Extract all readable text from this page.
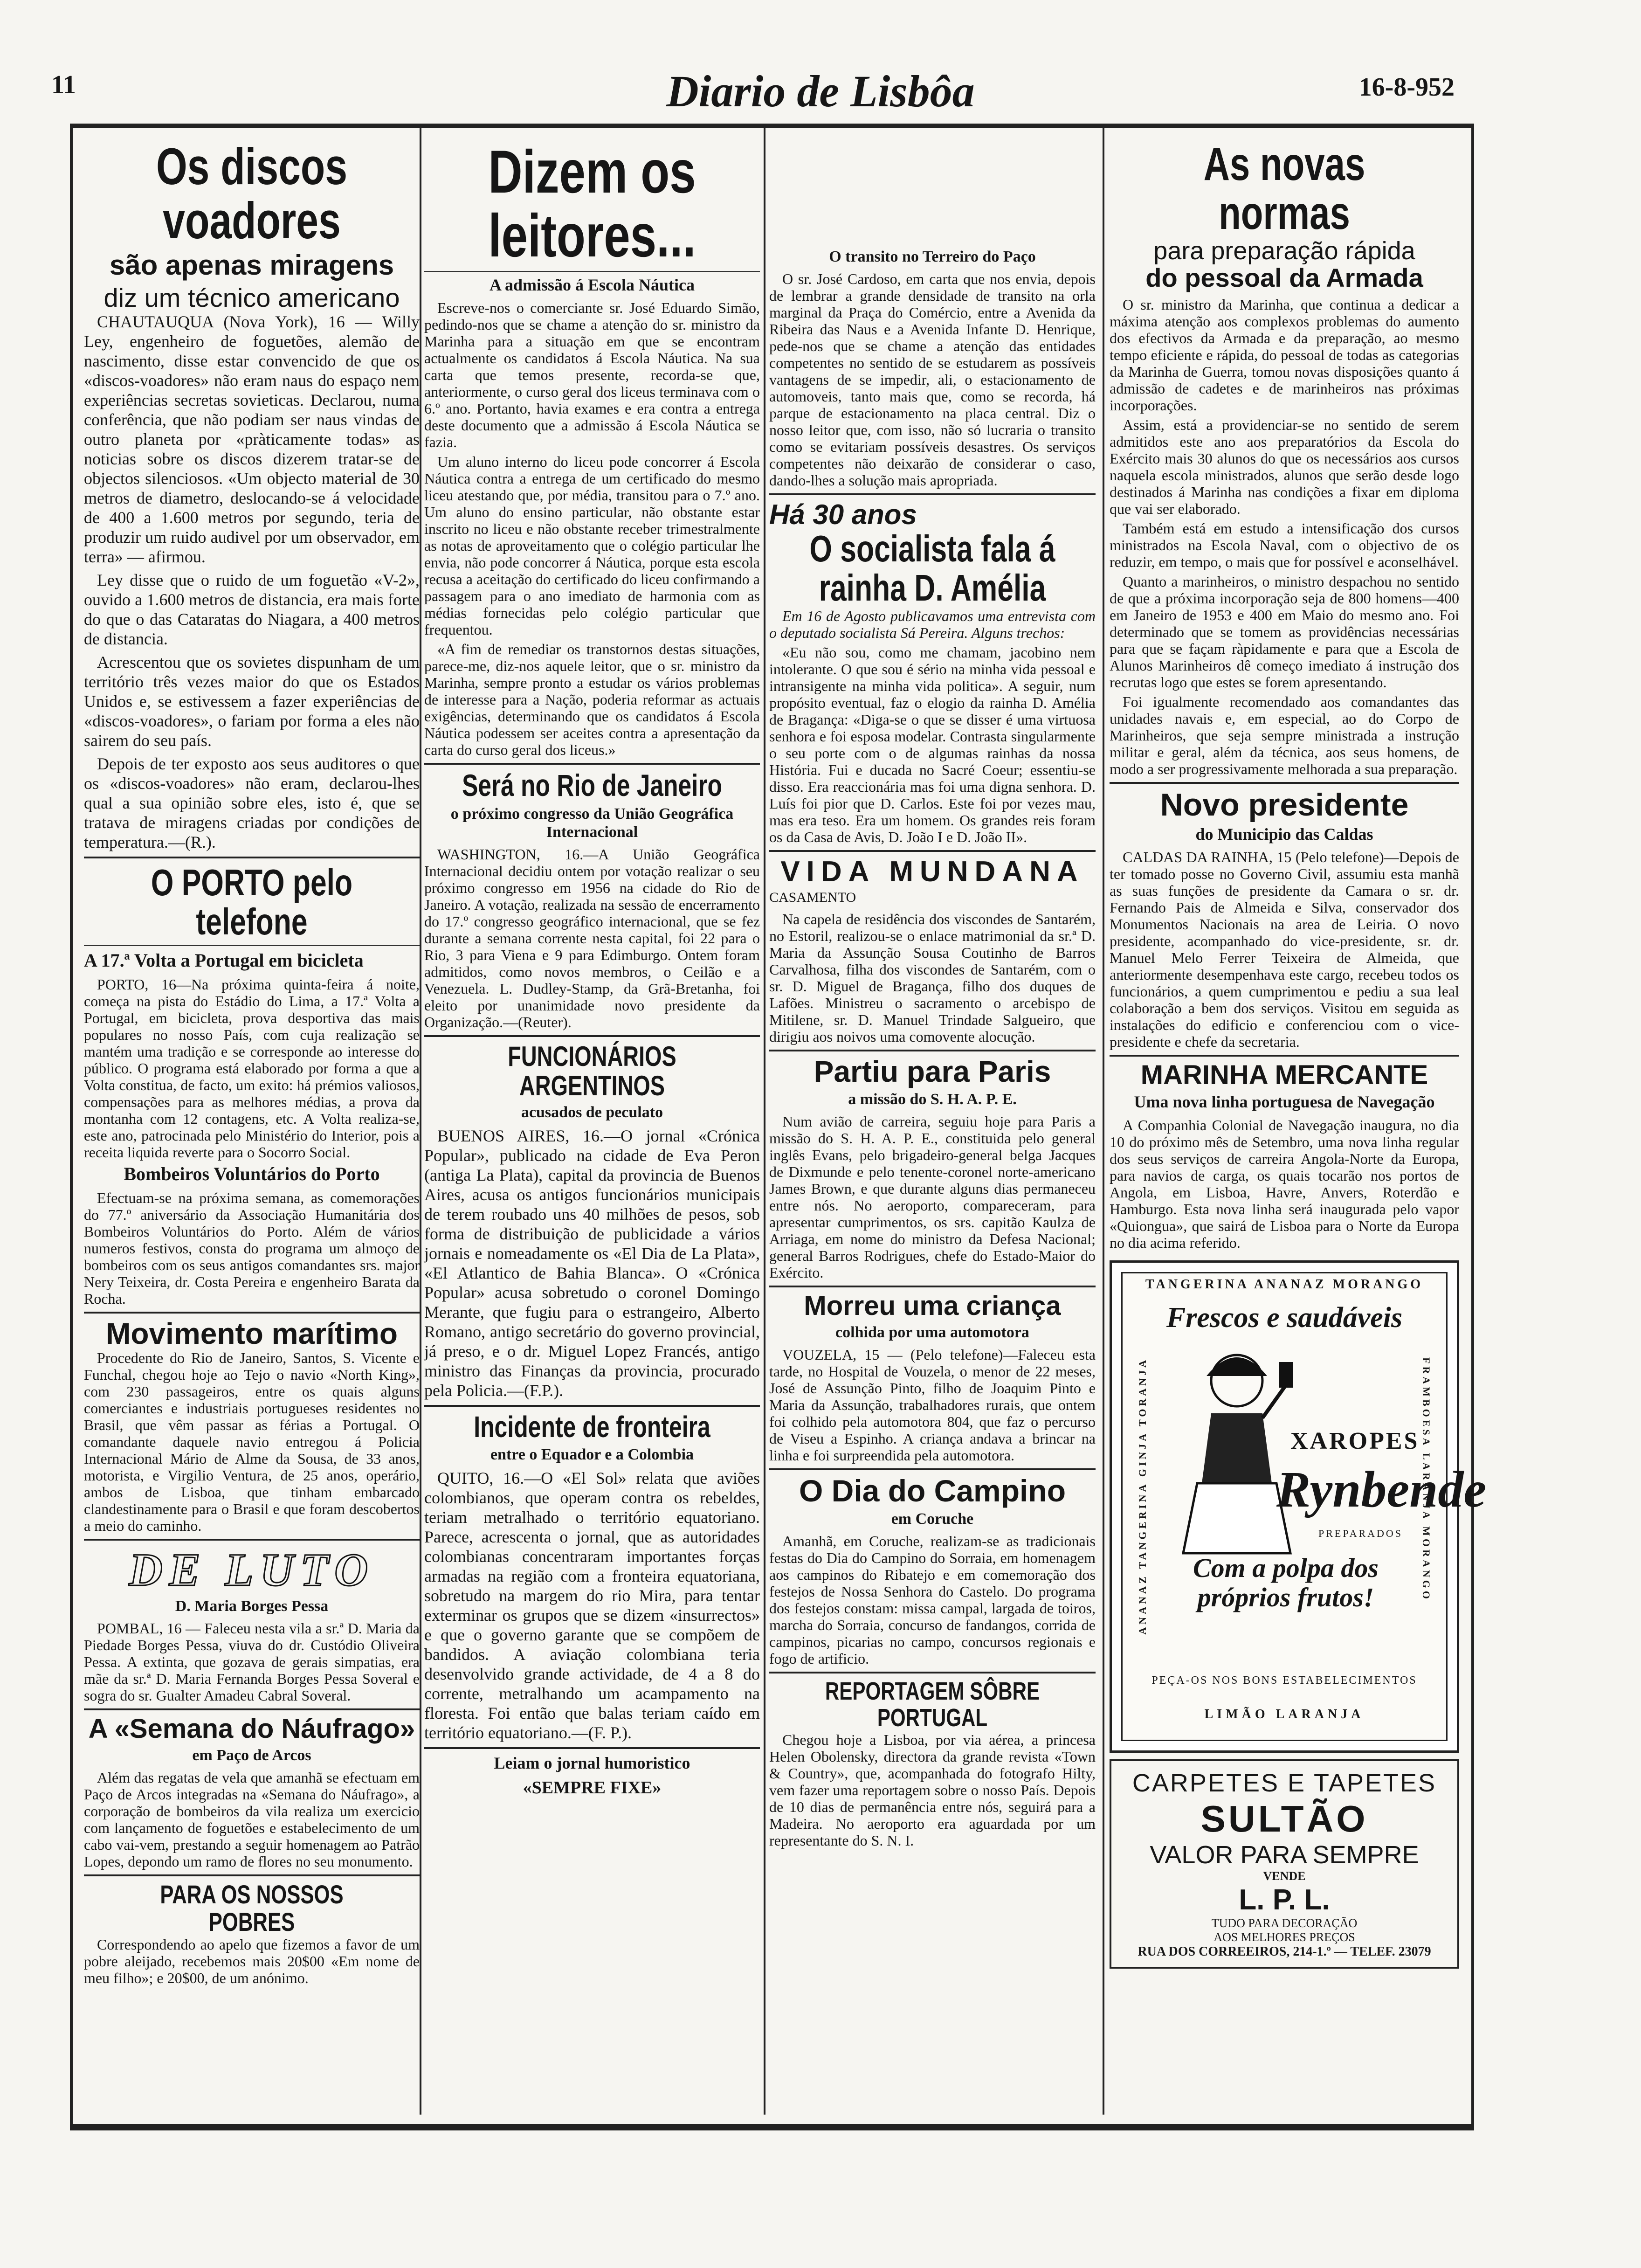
11	Diario de Lisbôa	16-8-952
Os discos voadores
são apenas miragens
diz um técnico americano

CHAUTAUQUA (Nova York), 16 — Willy Ley, engenheiro de foguetões, alemão de nascimento, disse estar convencido de que os «discos-voadores» não eram naus do espaço nem experiências secretas sovieticas. Declarou, numa conferência, que não podiam ser naus vindas de outro planeta por «pràticamente todas» as noticias sobre os discos dizerem tratar-se de objectos silenciosos. «Um objecto material de 30 metros de diametro, deslocando-se á velocidade de 400 a 1.600 metros por segundo, teria de produzir um ruido audivel por um observador, em terra» — afirmou.

Ley disse que o ruido de um foguetão «V-2», ouvido a 1.600 metros de distancia, era mais forte do que o das Cataratas do Niagara, a 400 metros de distancia.

Acrescentou que os sovietes dispunham de um território três vezes maior do que os Estados Unidos e, se estivessem a fazer experiências de «discos-voadores», o fariam por forma a eles não sairem do seu país.

Depois de ter exposto aos seus auditores o que os «discos-voadores» não eram, declarou-lhes qual a sua opinião sobre eles, isto é, que se tratava de miragens criadas por condições de temperatura.—(R.).

O PORTO pelo telefone
A 17.ª Volta a Portugal em bicicleta

PORTO, 16—Na próxima quinta-feira á noite, começa na pista do Estádio do Lima, a 17.ª Volta a Portugal, em bicicleta, prova desportiva das mais populares no nosso País, com cuja realização se mantém uma tradição e se corresponde ao interesse do público. O programa está elaborado por forma a que a Volta constitua, de facto, um exito: há prémios valiosos, compensações para as melhores médias, a prova da montanha com 12 contagens, etc. A Volta realiza-se, este ano, patrocinada pelo Ministério do Interior, pois a receita liquida reverte para o Socorro Social.

Bombeiros Voluntários do Porto

Efectuam-se na próxima semana, as comemorações do 77.º aniversário da Associação Humanitária dos Bombeiros Voluntários do Porto. Além de vários numeros festivos, consta do programa um almoço de bombeiros com os seus antigos comandantes srs. major Nery Teixeira, dr. Costa Pereira e engenheiro Barata da Rocha.

Movimento marítimo

Procedente do Rio de Janeiro, Santos, S. Vicente e Funchal, chegou hoje ao Tejo o navio «North King», com 230 passageiros, entre os quais alguns comerciantes e industriais portugueses residentes no Brasil, que vêm passar as férias a Portugal. O comandante daquele navio entregou á Policia Internacional Mário de Alme da Sousa, de 33 anos, motorista, e Virgilio Ventura, de 25 anos, operário, ambos de Lisboa, que tinham embarcado clandestinamente para o Brasil e que foram descobertos a meio do caminho.

DE LUTO
D. Maria Borges Pessa

POMBAL, 16 — Faleceu nesta vila a sr.ª D. Maria da Piedade Borges Pessa, viuva do dr. Custódio Oliveira Pessa. A extinta, que gozava de gerais simpatias, era mãe da sr.ª D. Maria Fernanda Borges Pessa Soveral e sogra do sr. Gualter Amadeu Cabral Soveral.

A «Semana do Náufrago»
em Paço de Arcos

Além das regatas de vela que amanhã se efectuam em Paço de Arcos integradas na «Semana do Náufrago», a corporação de bombeiros da vila realiza um exercicio com lançamento de foguetões e estabelecimento de um cabo vai-vem, prestando a seguir homenagem ao Patrão Lopes, depondo um ramo de flores no seu monumento.

PARA OS NOSSOS POBRES

Correspondendo ao apelo que fizemos a favor de um pobre aleijado, recebemos mais 20$00 «Em nome de meu filho»; e 20$00, de um anónimo.

Dizem os leitores...
A admissão á Escola Náutica

Escreve-nos o comerciante sr. José Eduardo Simão, pedindo-nos que se chame a atenção do sr. ministro da Marinha para a situação em que se encontram actualmente os candidatos á Escola Náutica. Na sua carta que temos presente, recorda-se que, anteriormente, o curso geral dos liceus terminava com o 6.º ano. Portanto, havia exames e era contra a entrega deste documento que a admissão á Escola Náutica se fazia.

Um aluno interno do liceu pode concorrer á Escola Náutica contra a entrega de um certificado do mesmo liceu atestando que, por média, transitou para o 7.º ano. Um aluno do ensino particular, não obstante estar inscrito no liceu e não obstante receber trimestralmente as notas de aproveitamento que o colégio particular lhe envia, não pode concorrer á Náutica, porque esta escola recusa a aceitação do certificado do liceu confirmando a passagem para o ano imediato de harmonia com as médias fornecidas pelo colégio particular que frequentou.

«A fim de remediar os transtornos destas situações, parece-me, diz-nos aquele leitor, que o sr. ministro da Marinha, sempre pronto a estudar os vários problemas de interesse para a Nação, poderia reformar as actuais exigências, determinando que os candidatos á Escola Náutica podessem ser aceites contra a apresentação da carta do curso geral dos liceus.»

Será no Rio de Janeiro
o próximo congresso da União Geográfica Internacional

WASHINGTON, 16.—A União Geográfica Internacional decidiu ontem por votação realizar o seu próximo congresso em 1956 na cidade do Rio de Janeiro. A votação, realizada na sessão de encerramento do 17.º congresso geográfico internacional, que se fez durante a semana corrente nesta capital, foi 22 para o Rio, 3 para Viena e 9 para Edimburgo. Ontem foram admitidos, como novos membros, o Ceilão e a Venezuela. L. Dudley-Stamp, da Grã-Bretanha, foi eleito por unanimidade novo presidente da Organização.—(Reuter).

FUNCIONÁRIOS ARGENTINOS
acusados de peculato

BUENOS AIRES, 16.—O jornal «Crónica Popular», publicado na cidade de Eva Peron (antiga La Plata), capital da provincia de Buenos Aires, acusa os antigos funcionários municipais de terem roubado uns 40 milhões de pesos, sob forma de distribuição de publicidade a vários jornais e nomeadamente os «El Dia de La Plata», «El Atlantico de Bahia Blanca». O «Crónica Popular» acusa sobretudo o coronel Domingo Merante, que fugiu para o estrangeiro, Alberto Romano, antigo secretário do governo provincial, já preso, e o dr. Miguel Lopez Francés, antigo ministro das Finanças da provincia, procurado pela Policia.—(F.P.).

Incidente de fronteira
entre o Equador e a Colombia

QUITO, 16.—O «El Sol» relata que aviões colombianos, que operam contra os rebeldes, teriam metralhado o território equatoriano. Parece, acrescenta o jornal, que as autoridades colombianas concentraram importantes forças armadas na região com a fronteira equatoriana, sobretudo na margem do rio Mira, para tentar exterminar os grupos que se dizem «insurrectos» e que o governo garante que se compõem de bandidos. A aviação colombiana teria desenvolvido grande actividade, de 4 a 8 do corrente, metralhando um acampamento na floresta. Foi então que balas teriam caído em território equatoriano.—(F. P.).

Leiam o jornal humoristico
«SEMPRE FIXE»
O transito no Terreiro do Paço

O sr. José Cardoso, em carta que nos envia, depois de lembrar a grande densidade de transito na orla marginal da Praça do Comércio, entre a Avenida da Ribeira das Naus e a Avenida Infante D. Henrique, pede-nos que se chame a atenção das entidades competentes no sentido de se estudarem as possíveis vantagens de se impedir, ali, o estacionamento de automoveis, tanto mais que, como se recorda, há parque de estacionamento na placa central. Diz o nosso leitor que, com isso, não só lucraria o transito como se evitariam possíveis desastres. Os serviços competentes não deixarão de considerar o caso, dando-lhes a solução mais apropriada.

Há 30 anos
O socialista fala á rainha D. Amélia

Em 16 de Agosto publicavamos uma entrevista com o deputado socialista Sá Pereira. Alguns trechos:

«Eu não sou, como me chamam, jacobino nem intolerante. O que sou é sério na minha vida pessoal e intransigente na minha vida politica». A seguir, num propósito eventual, faz o elogio da rainha D. Amélia de Bragança: «Diga-se o que se disser é uma virtuosa senhora e foi esposa modelar. Contrasta singularmente o seu porte com o de algumas rainhas da nossa História. Fui e ducada no Sacré Coeur; essentiu-se disso. Era reaccionária mas foi uma digna senhora. D. Luís foi pior que D. Carlos. Este foi por vezes mau, mas era teso. Era um homem. Os grandes reis foram os da Casa de Avis, D. João I e D. João II».

VIDA MUNDANA
CASAMENTO

Na capela de residência dos viscondes de Santarém, no Estoril, realizou-se o enlace matrimonial da sr.ª D. Maria da Assunção Sousa Coutinho de Barros Carvalhosa, filha dos viscondes de Santarém, com o sr. D. Miguel de Bragança, filho dos duques de Lafões. Ministreu o sacramento o arcebispo de Mitilene, sr. D. Manuel Trindade Salgueiro, que dirigiu aos noivos uma comovente alocução.

Partiu para Paris
a missão do S. H. A. P. E.

Num avião de carreira, seguiu hoje para Paris a missão do S. H. A. P. E., constituida pelo general inglês Evans, pelo brigadeiro-general belga Jacques de Dixmunde e pelo tenente-coronel norte-americano James Brown, e que durante alguns dias permaneceu entre nós. No aeroporto, compareceram, para apresentar cumprimentos, os srs. capitão Kaulza de Arriaga, em nome do ministro da Defesa Nacional; general Barros Rodrigues, chefe do Estado-Maior do Exército.

Morreu uma criança
colhida por uma automotora

VOUZELA, 15 — (Pelo telefone)—Faleceu esta tarde, no Hospital de Vouzela, o menor de 22 meses, José de Assunção Pinto, filho de Joaquim Pinto e Maria da Assunção, trabalhadores rurais, que ontem foi colhido pela automotora 804, que faz o percurso de Viseu a Espinho. A criança andava a brincar na linha e foi surpreendida pela automotora.

O Dia do Campino
em Coruche

Amanhã, em Coruche, realizam-se as tradicionais festas do Dia do Campino do Sorraia, em homenagem aos campinos do Ribatejo e em comemoração dos festejos de Nossa Senhora do Castelo. Do programa dos festejos constam: missa campal, largada de toiros, marcha do Sorraia, concurso de fandangos, corrida de campinos, picarias no campo, concursos regionais e fogo de artificio.

REPORTAGEM SÔBRE PORTUGAL

Chegou hoje a Lisboa, por via aérea, a princesa Helen Obolensky, directora da grande revista «Town & Country», que, acompanhada do fotografo Hilty, vem fazer uma reportagem sobre o nosso País. Depois de 10 dias de permanência entre nós, seguirá para a Madeira. No aeroporto era aguardada por um representante do S. N. I.

As novas normas
para preparação rápida
do pessoal da Armada

O sr. ministro da Marinha, que continua a dedicar a máxima atenção aos complexos problemas do aumento dos efectivos da Armada e da preparação, ao mesmo tempo eficiente e rápida, do pessoal de todas as categorias da Marinha de Guerra, tomou novas disposições quanto á admissão de cadetes e de marinheiros nas próximas incorporações.

Assim, está a providenciar-se no sentido de serem admitidos este ano aos preparatórios da Escola do Exército mais 30 alunos do que os necessários aos cursos naquela escola ministrados, alunos que serão desde logo destinados á Marinha nas condições a fixar em diploma que vai ser elaborado.

Também está em estudo a intensificação dos cursos ministrados na Escola Naval, com o objectivo de os reduzir, em tempo, o mais que for possível e aconselhável.

Quanto a marinheiros, o ministro despachou no sentido de que a próxima incorporação seja de 800 homens—400 em Janeiro de 1953 e 400 em Maio do mesmo ano. Foi determinado que se tomem as providências necessárias para que se façam ràpidamente e para que a Escola de Alunos Marinheiros dê começo imediato á instrução dos recrutas logo que estes se forem apresentando.

Foi igualmente recomendado aos comandantes das unidades navais e, em especial, ao do Corpo de Marinheiros, que seja sempre ministrada a instrução militar e geral, além da técnica, aos seus homens, de modo a ser progressivamente melhorada a sua preparação.

Novo presidente
do Municipio das Caldas

CALDAS DA RAINHA, 15 (Pelo telefone)—Depois de ter tomado posse no Governo Civil, assumiu esta manhã as suas funções de presidente da Camara o sr. dr. Fernando Pais de Almeida e Silva, conservador dos Monumentos Nacionais na area de Leiria. O novo presidente, acompanhado do vice-presidente, sr. dr. Manuel Melo Ferrer Teixeira de Almeida, que anteriormente desempenhava este cargo, recebeu todos os funcionários, a quem cumprimentou e pediu a sua leal colaboração a bem dos serviços. Visitou em seguida as instalações do edificio e conferenciou com o vice-presidente e chefe da secretaria.

MARINHA MERCANTE
Uma nova linha portuguesa de Navegação

A Companhia Colonial de Navegação inaugura, no dia 10 do próximo mês de Setembro, uma nova linha regular dos seus serviços de carreira Angola-Norte da Europa, para navios de carga, os quais tocarão nos portos de Angola, em Lisboa, Havre, Anvers, Roterdão e Hamburgo. Esta nova linha será inaugurada pelo vapor «Quiongua», que sairá de Lisboa para o Norte da Europa no dia acima referido.

TANGERINA ANANAZ MORANGO
Frescos e saudáveis
ANANAZ TANGERINA GINJA TORANJA	FRAMBOESA LARANJA MORANGO
XAROPES
Rynbende
PREPARADOS
Com a polpa dos próprios frutos!
PEÇA-OS NOS BONS ESTABELECIMENTOS
LIMÃO LARANJA
CARPETES E TAPETES
SULTÃO
VALOR PARA SEMPRE
VENDE
L. P. L.
TUDO PARA DECORAÇÃO
AOS MELHORES PREÇOS
RUA DOS CORREEIROS, 214-1.º — TELEF. 23079
